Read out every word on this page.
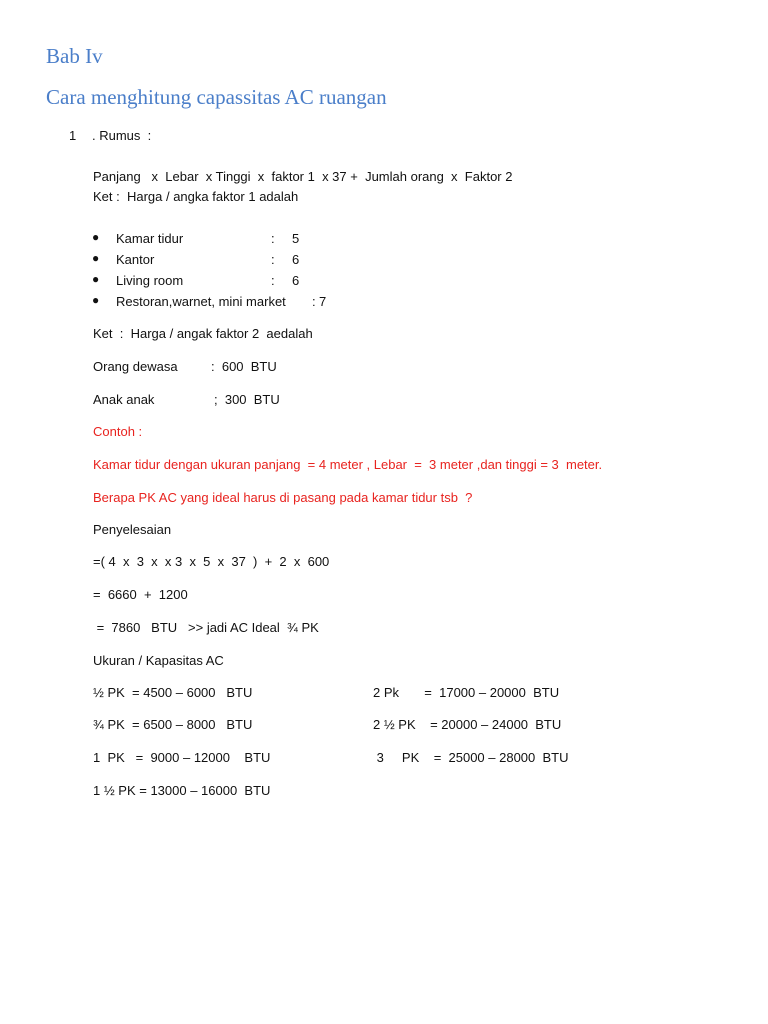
Bab Iv
Cara menghitung capassitas AC ruangan
1 . Rumus  :
Panjang   x  Lebar  x Tinggi  x  faktor 1  x 37 +  Jumlah orang  x  Faktor 2
Ket :  Harga / angka faktor 1 adalah
● Kamar tidur	: 5
● Kantor	: 6
● Living room	: 6
● Restoran,warnet, mini market : 7
Ket  :  Harga / angak faktor 2  aedalah
Orang dewasa	:  600  BTU
Anak anak	;  300  BTU
Contoh :
Kamar tidur dengan ukuran panjang  = 4 meter , Lebar  =  3 meter ,dan tinggi = 3  meter.
Berapa PK AC yang ideal harus di pasang pada kamar tidur tsb  ?
Penyelesaian
=( 4  x  3  x  x 3  x  5  x  37  )  +  2  x  600
=  6660  +  1200
=  7860   BTU   >> jadi AC Ideal  ¾ PK
Ukuran / Kapasitas AC
½ PK  = 4500 – 6000   BTU	2 Pk       =  17000 – 20000  BTU
¾ PK  = 6500 – 8000   BTU	2 ½ PK    = 20000 – 24000  BTU
1  PK   =  9000 – 12000    BTU	3     PK    =  25000 – 28000  BTU
1 ½ PK = 13000 – 16000  BTU
